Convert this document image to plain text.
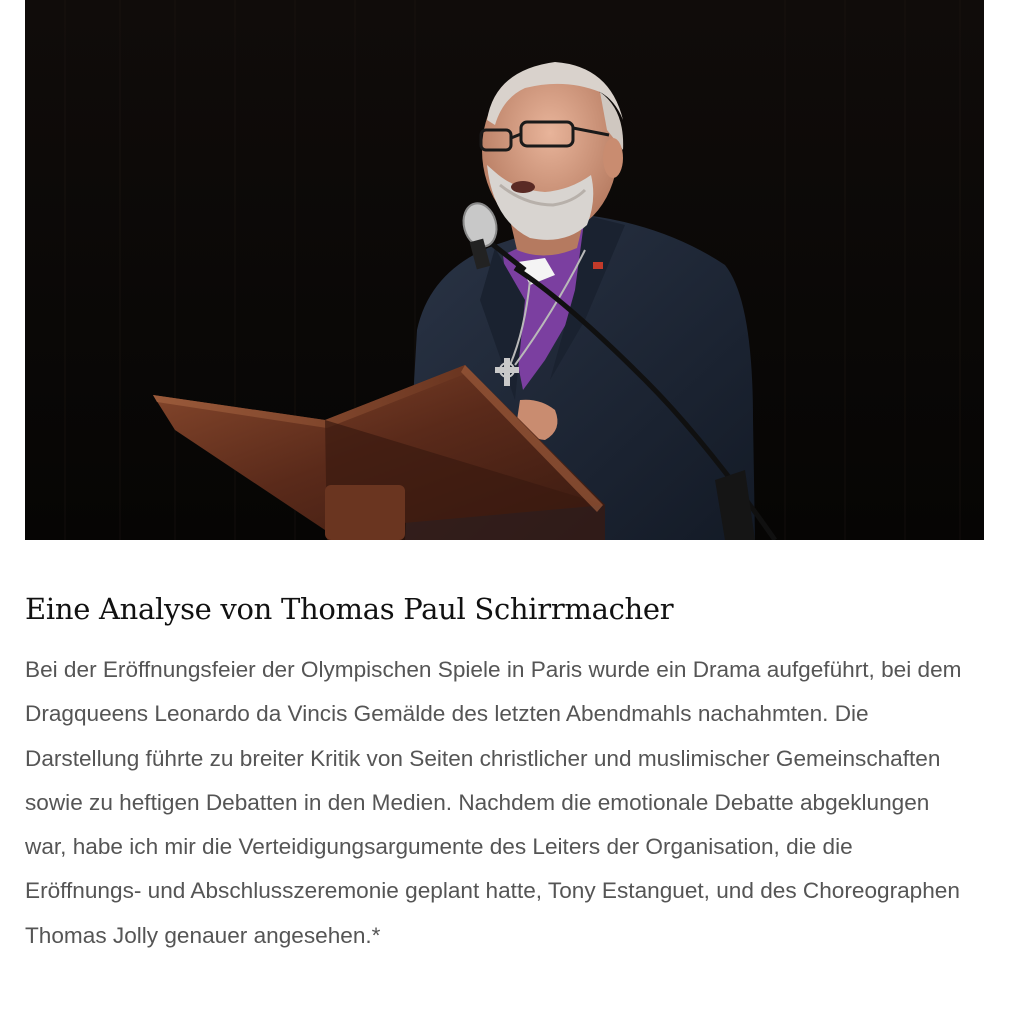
Eine Analyse von Thomas Paul Schirrmacher

Bei der Eröffnungsfeier der Olympischen Spiele in Paris wurde ein Drama aufgeführt, bei dem Dragqueens Leonardo da Vincis Gemälde des letzten Abendmahls nachahmten. Die Darstellung führte zu breiter Kritik von Seiten christlicher und muslimischer Gemeinschaften sowie zu heftigen Debatten in den Medien. Nachdem die emotionale Debatte abgeklungen war, habe ich mir die Verteidigungsargumente des Leiters der Organisation, die die Eröffnungs- und Abschlusszeremonie geplant hatte, Tony Estanguet, und des Choreographen Thomas Jolly genauer angesehen.*
